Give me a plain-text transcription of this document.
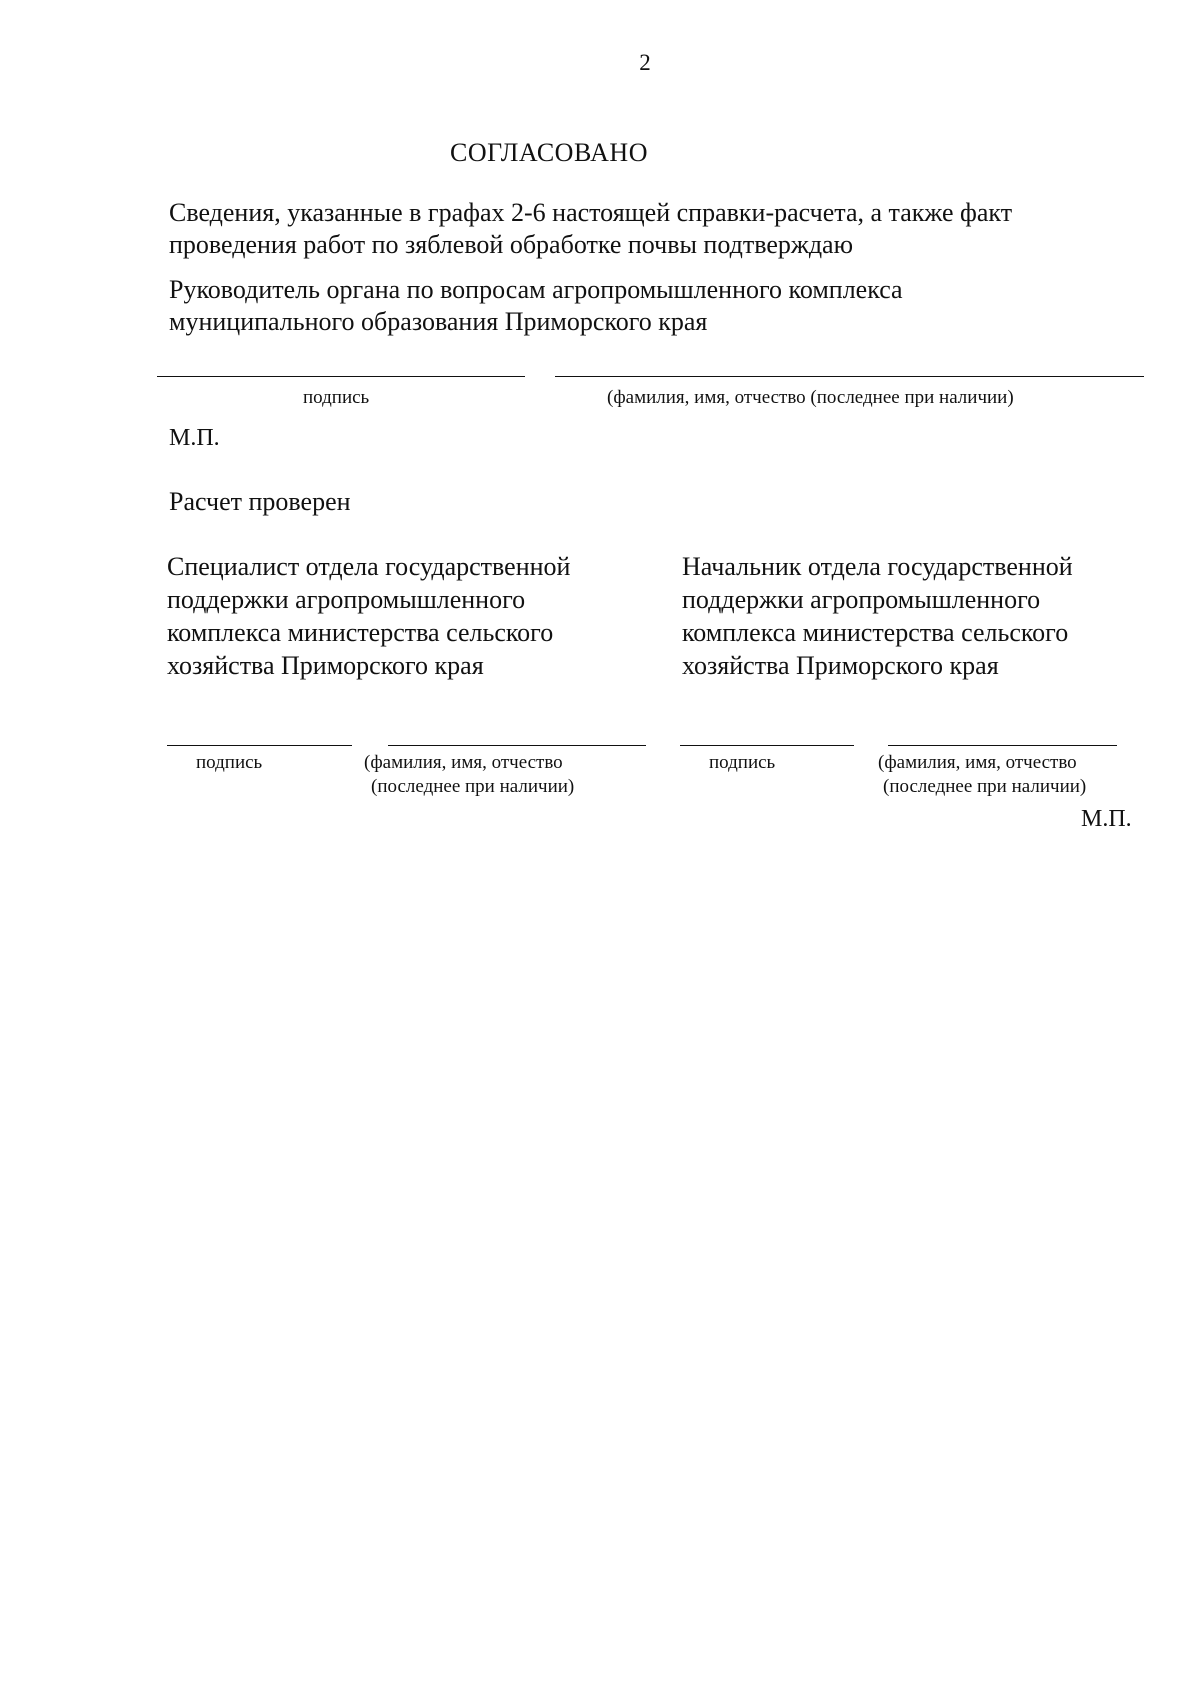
2
СОГЛАСОВАНО
Сведения, указанные в графах 2-6 настоящей справки-расчета, а также факт
проведения работ по зяблевой обработке почвы подтверждаю
Руководитель органа по вопросам агропромышленного комплекса
муниципального образования Приморского края
подпись	(фамилия, имя, отчество (последнее при наличии)
М.П.
Расчет проверен
Специалист отдела государственной
поддержки агропромышленного
комплекса министерства сельского
хозяйства Приморского края
Начальник отдела государственной
поддержки агропромышленного
комплекса министерства сельского
хозяйства Приморского края
подпись	(фамилия, имя, отчество
(последнее при наличии)
подпись	(фамилия, имя, отчество
(последнее при наличии)
М.П.
